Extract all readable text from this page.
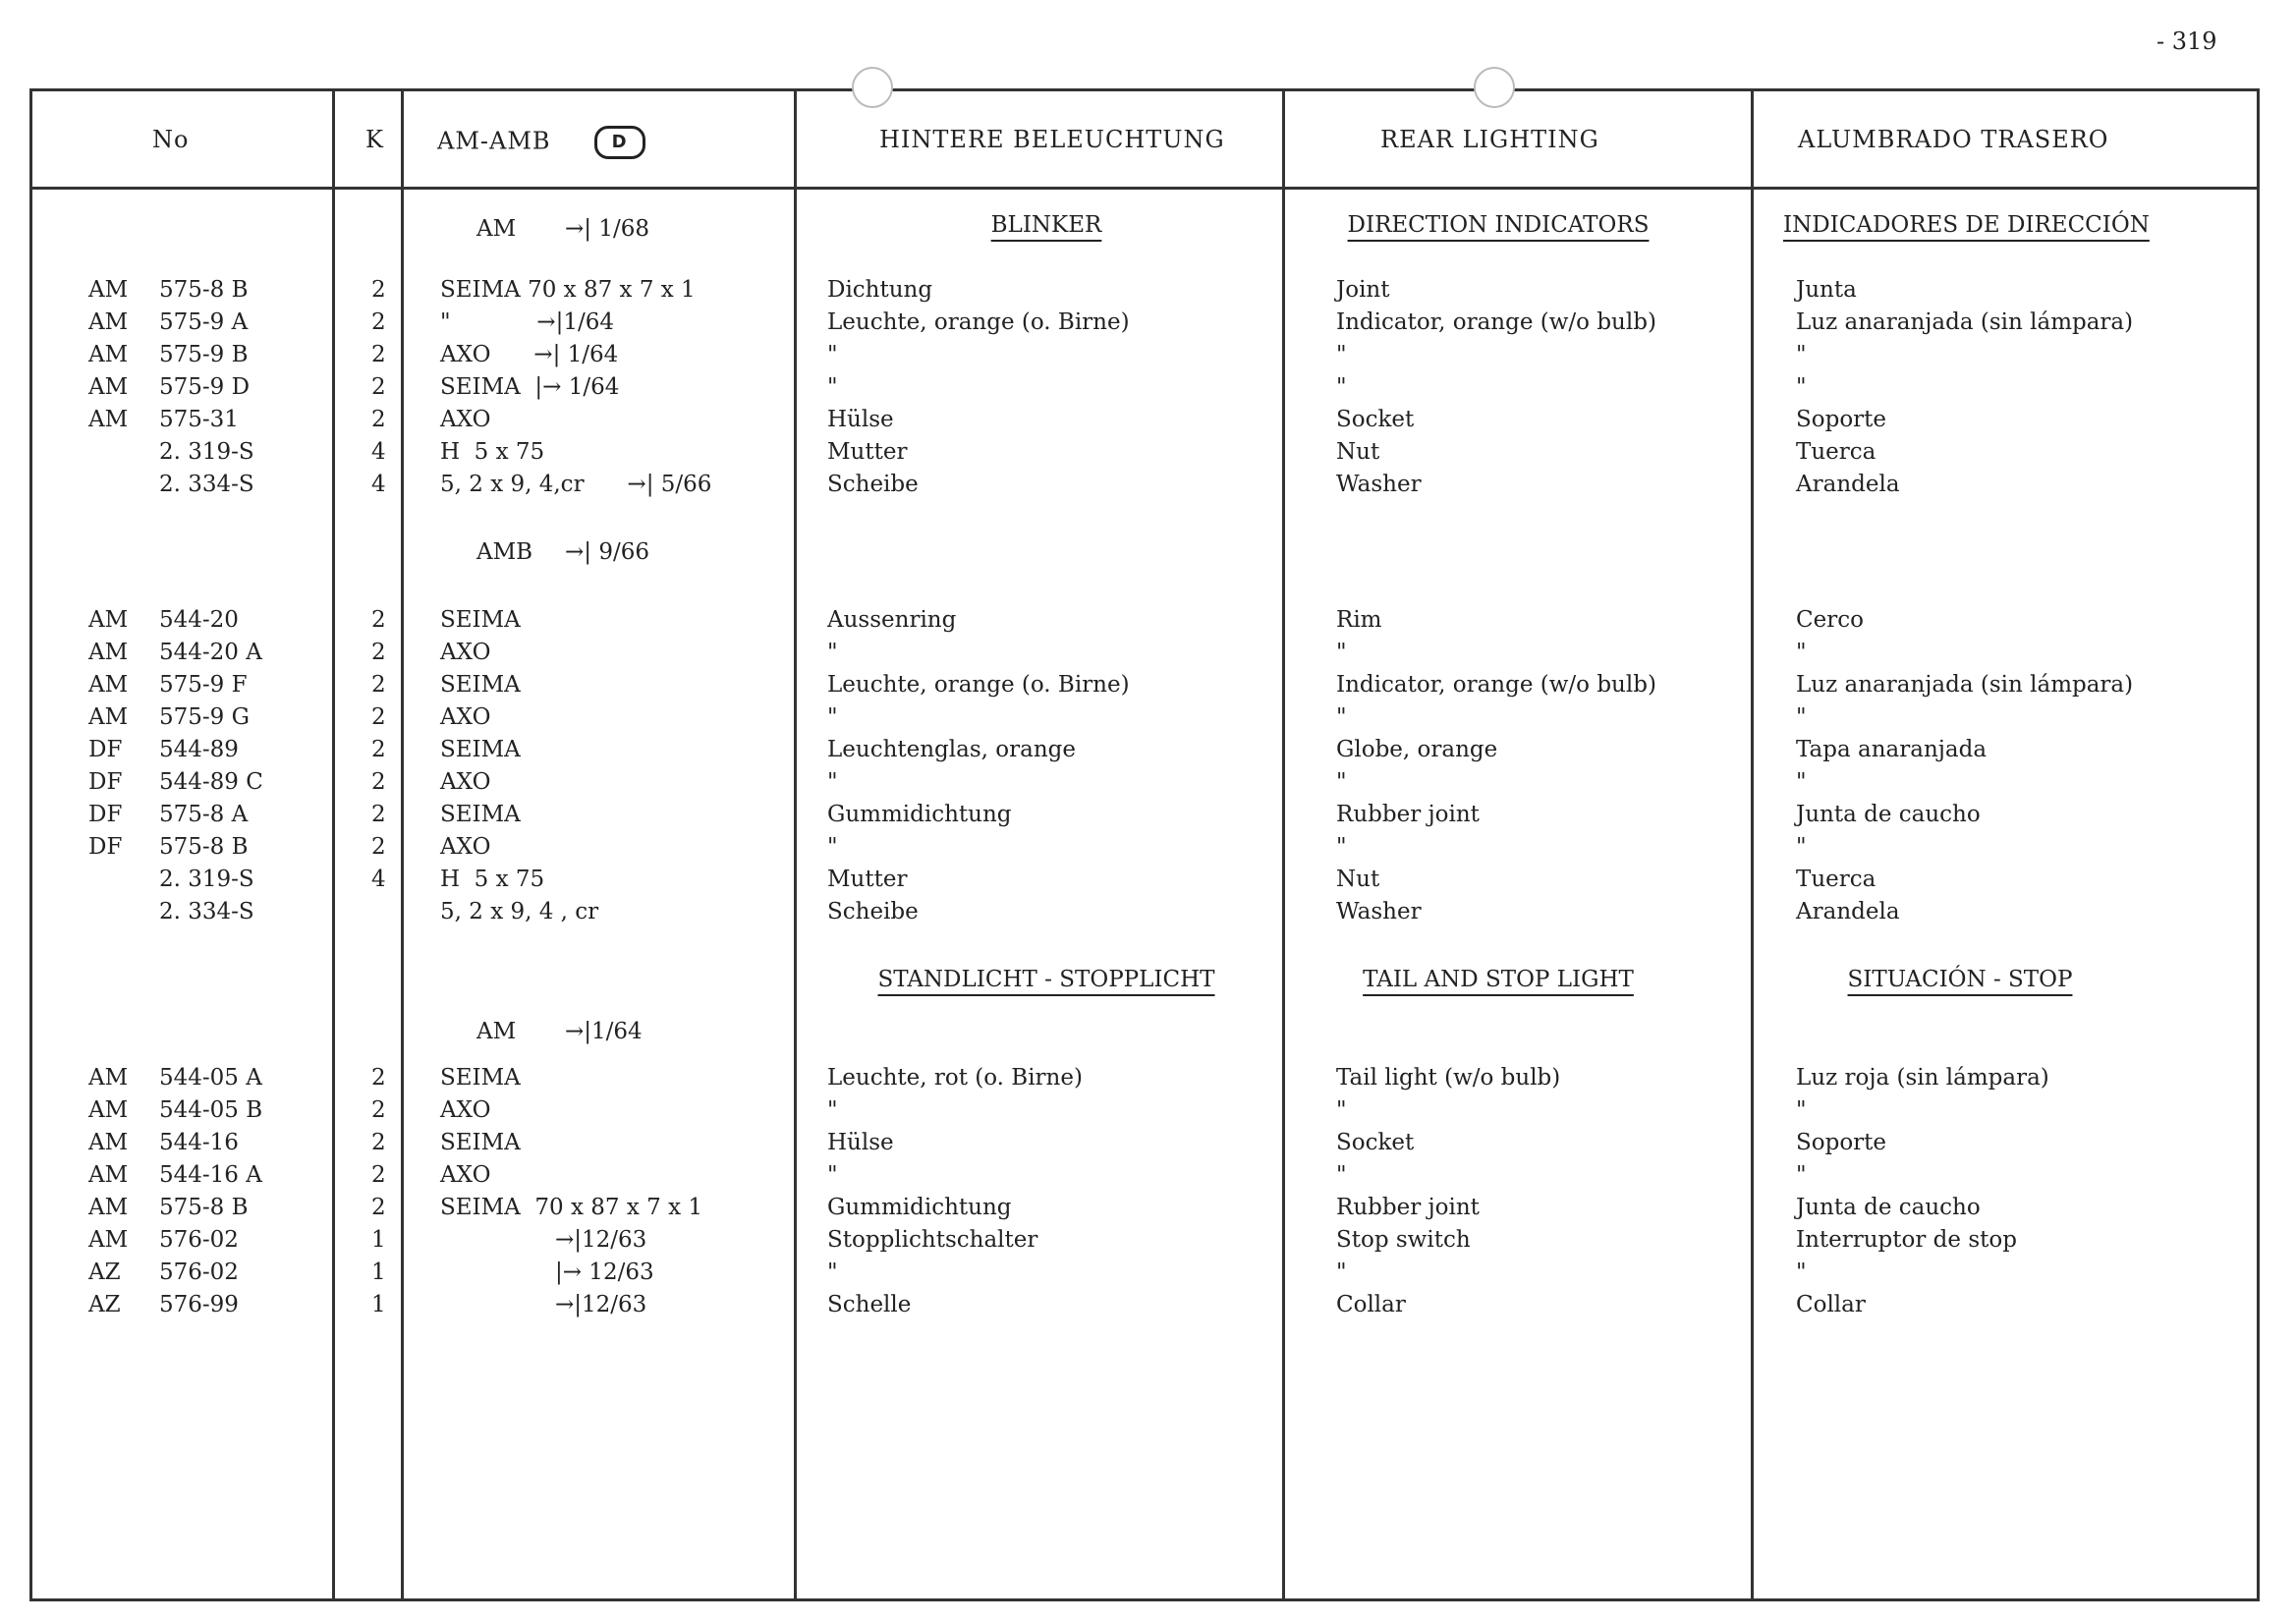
- 319
No	K AM-AMB	D	HINTERE BELEUCHTUNG	REAR LIGHTING	ALUMBRADO TRASERO
AM →| 1/68	BLINKER	DIRECTION INDICATORS	INDICADORES DE DIRECCIÓN
AM 575-8 B	2 SEIMA 70 x 87 x 7 x 1	Dichtung	Joint	Junta
AM 575-9 A	2 "            →|1/64	Leuchte, orange (o. Birne)	Indicator, orange (w/o bulb)	Luz anaranjada (sin lámpara)
AM 575-9 B	2 AXO      →| 1/64	"	"	"
AM 575-9 D	2 SEIMA  |→ 1/64	"	"	"
AM 575-31	2 AXO	Hülse	Socket	Soporte
2. 319-S	4 H  5 x 75	Mutter	Nut	Tuerca
2. 334-S	4 5, 2 x 9, 4,cr      →| 5/66	Scheibe	Washer	Arandela
AMB →| 9/66
AM 544-20	2 SEIMA	Aussenring	Rim	Cerco
AM 544-20 A	2 AXO	"	"	"
AM 575-9 F	2 SEIMA	Leuchte, orange (o. Birne)	Indicator, orange (w/o bulb)	Luz anaranjada (sin lámpara)
AM 575-9 G	2 AXO	"	"	"
DF 544-89	2 SEIMA	Leuchtenglas, orange	Globe, orange	Tapa anaranjada
DF 544-89 C	2 AXO	"	"	"
DF 575-8 A	2 SEIMA	Gummidichtung	Rubber joint	Junta de caucho
DF 575-8 B	2 AXO	"	"	"
2. 319-S	4 H  5 x 75	Mutter	Nut	Tuerca
2. 334-S	5, 2 x 9, 4 , cr	Scheibe	Washer	Arandela
AM →|1/64
STANDLICHT - STOPPLICHT	TAIL AND STOP LIGHT	SITUACIÓN - STOP
AM 544-05 A	2 SEIMA	Leuchte, rot (o. Birne)	Tail light (w/o bulb)	Luz roja (sin lámpara)
AM 544-05 B	2 AXO	"	"	"
AM 544-16	2 SEIMA	Hülse	Socket	Soporte
AM 544-16 A	2 AXO	"	"	"
AM 575-8 B	2 SEIMA  70 x 87 x 7 x 1	Gummidichtung	Rubber joint	Junta de caucho
AM 576-02	1 →|12/63	Stopplichtschalter	Stop switch	Interruptor de stop
AZ 576-02	1 |→ 12/63	"	"	"
AZ 576-99	1 →|12/63	Schelle	Collar	Collar
